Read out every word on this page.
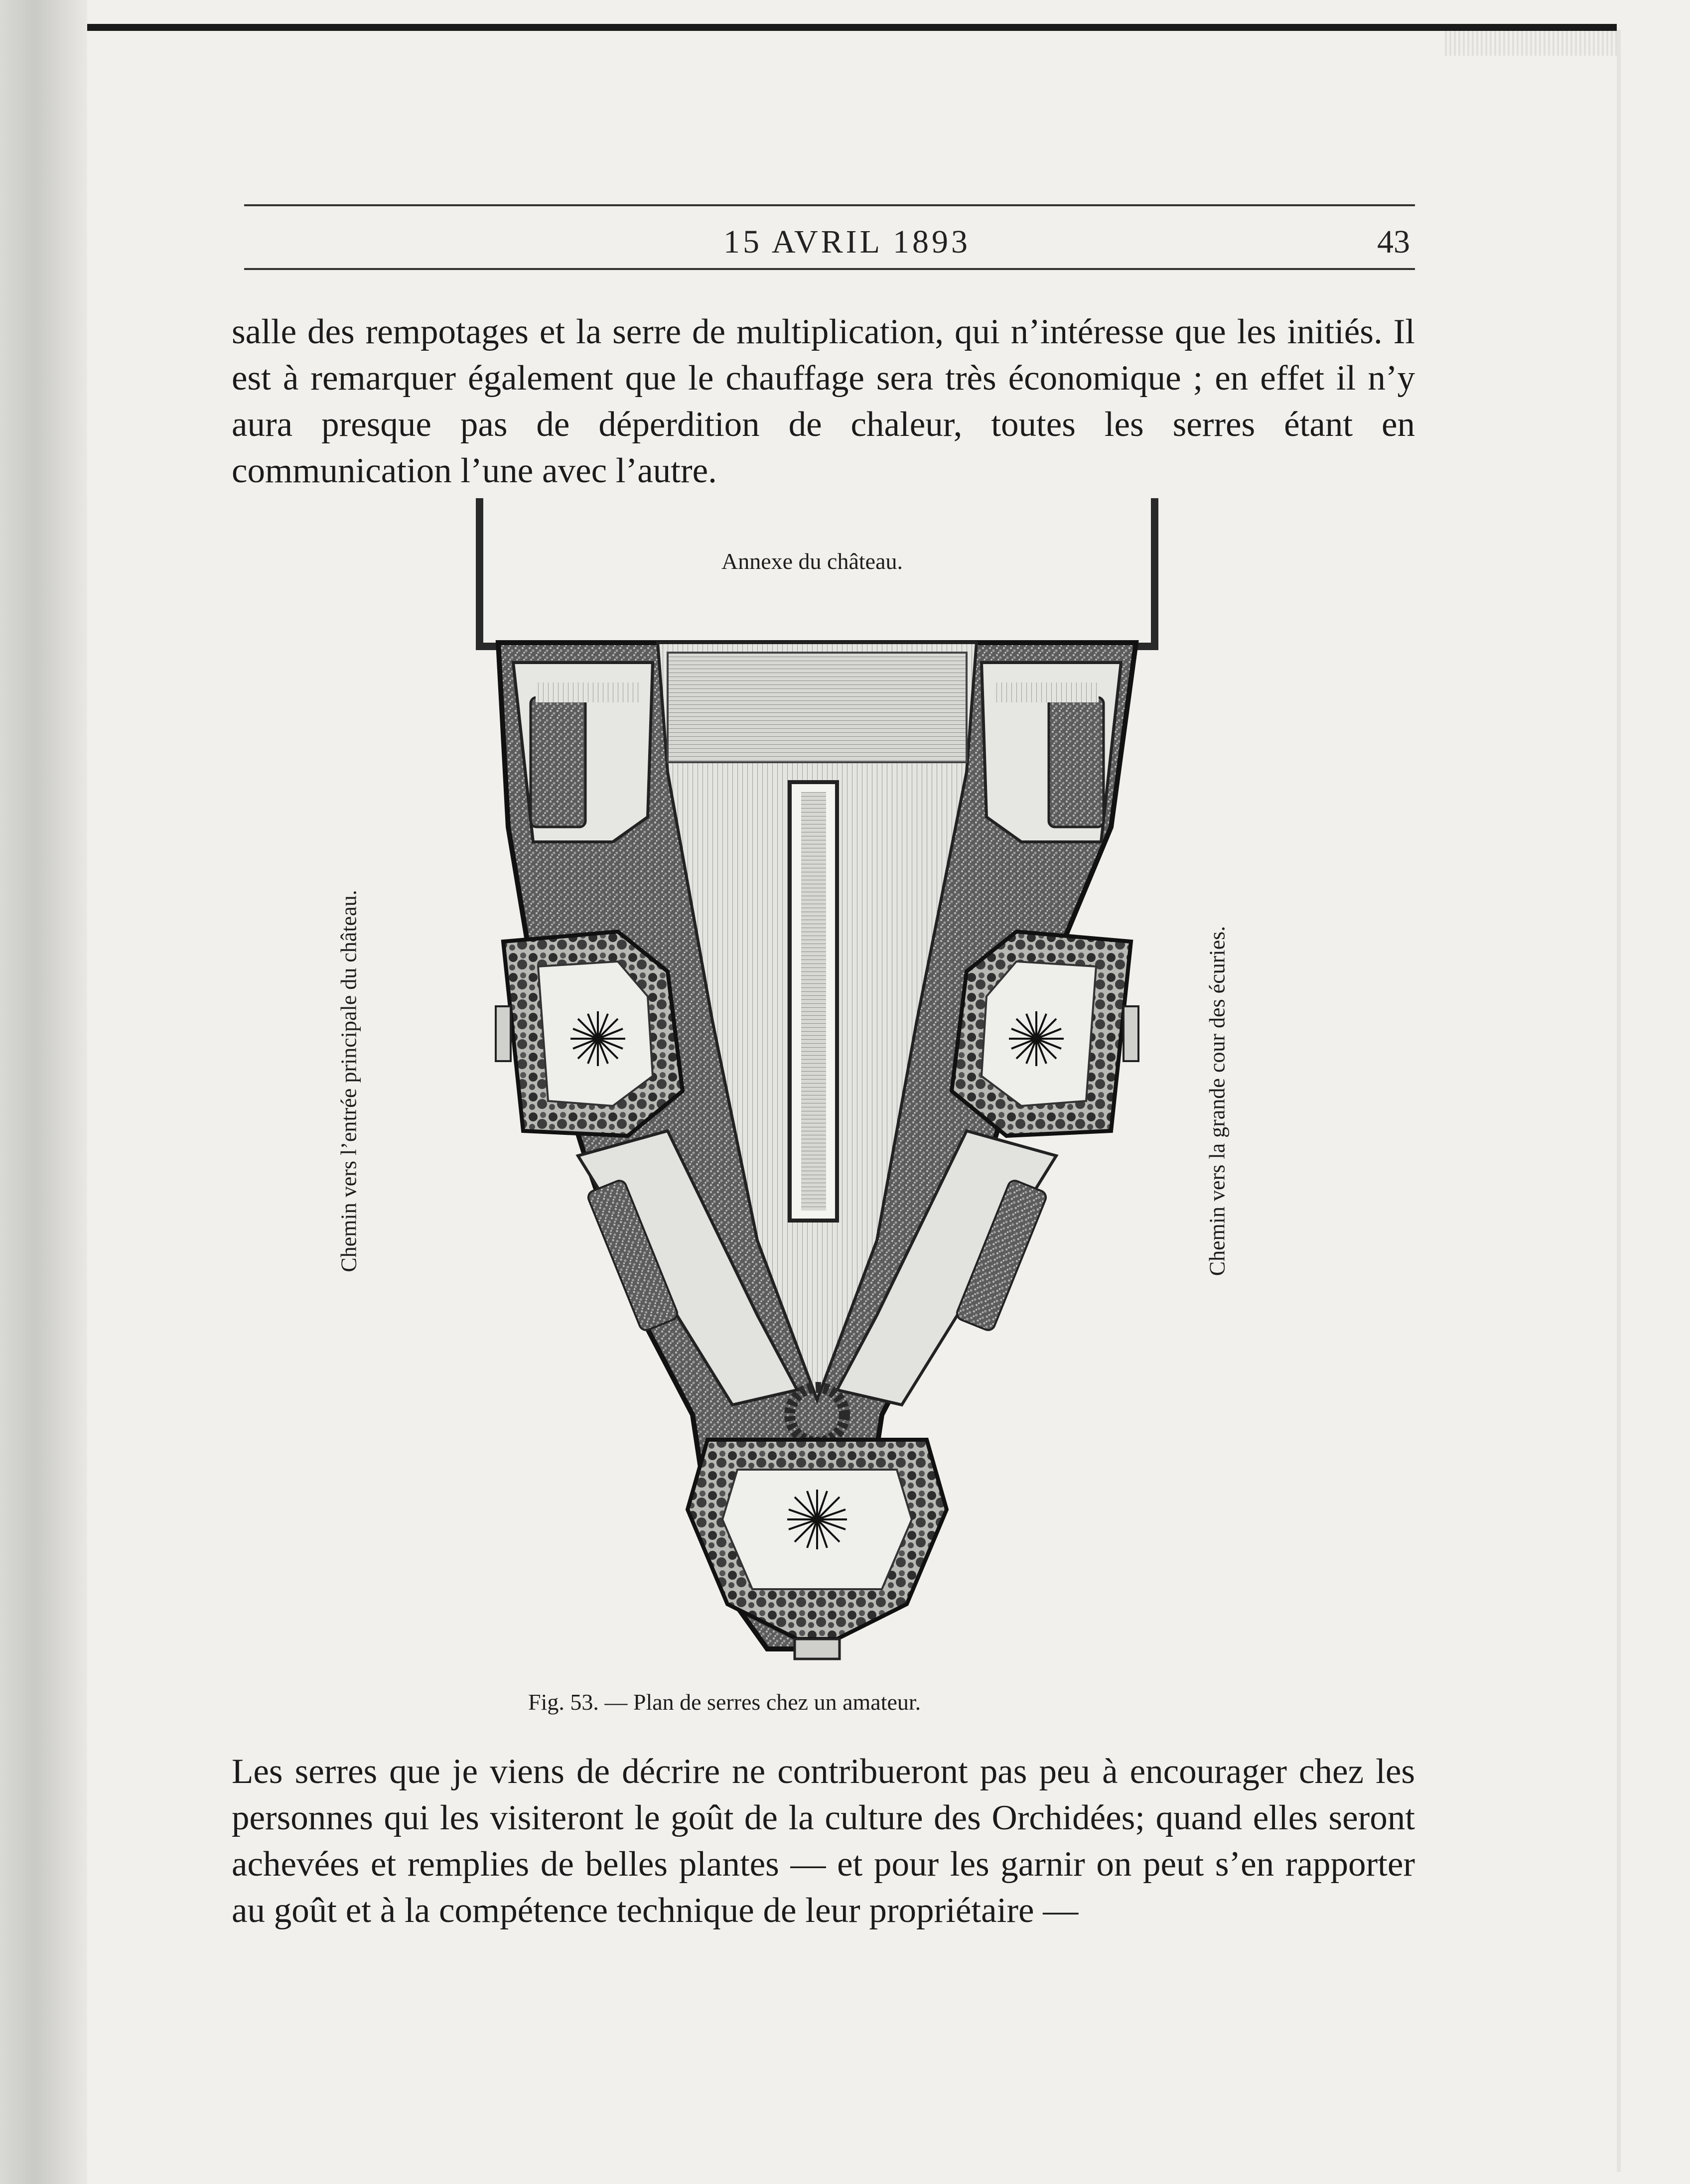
15 AVRIL 1893	43

salle des rempotages et la serre de multiplication, qui n’intéresse que les initiés. Il est à remarquer également que le chauffage sera très économique ; en effet il n’y aura presque pas de déperdition de chaleur, toutes les serres étant en communication l’une avec l’autre.

Annexe du château.
Chemin vers l’entrée principale du château.	Chemin vers la grande cour des écuries.
Fig. 53. — Plan de serres chez un amateur.

Les serres que je viens de décrire ne contribueront pas peu à encourager chez les personnes qui les visiteront le goût de la culture des Orchidées; quand elles seront achevées et remplies de belles plantes — et pour les garnir on peut s’en rapporter au goût et à la compétence technique de leur propriétaire —
